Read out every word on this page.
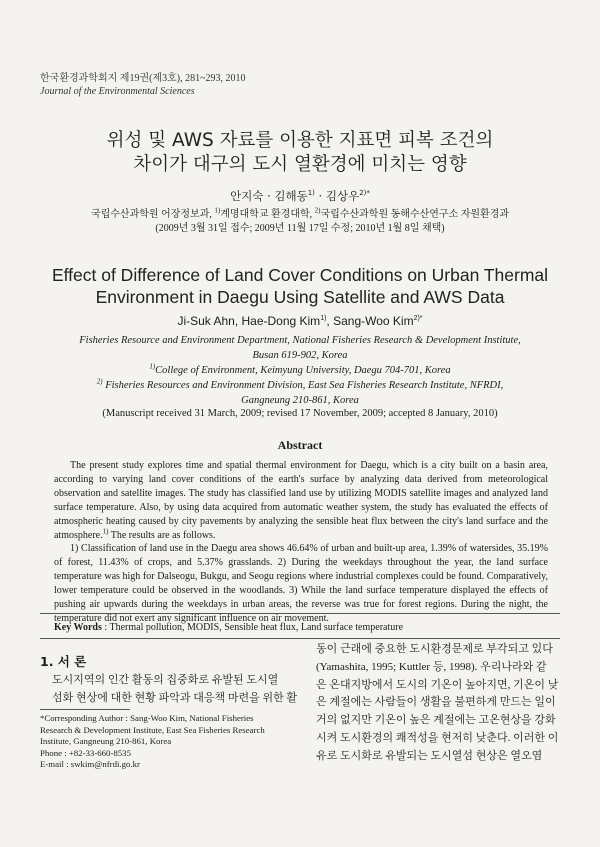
한국환경과학회지 제19권(제3호), 281~293, 2010
Journal of the Environmental Sciences
위성 및 AWS 자료를 이용한 지표면 피복 조건의
차이가 대구의 도시 열환경에 미치는 영향
안지숙 · 김해동$^{1)}$ · 김상우$^{2)*}$
국립수산과학원 어장정보과, $^{1)}$계명대학교 환경대학, $^{2)}$국립수산과학원 동해수산연구소 자원환경과
(2009년 3월 31일 접수; 2009년 11월 17일 수정; 2010년 1월 8일 채택)
Effect of Difference of Land Cover Conditions on Urban Thermal
Environment in Daegu Using Satellite and AWS Data
Ji-Suk Ahn, Hae-Dong Kim$^{1)}$, Sang-Woo Kim$^{2)*}$
Fisheries Resource and Environment Department, National Fisheries Research & Development Institute,
Busan 619-902, Korea
$^{1)}$College of Environment, Keimyung University, Daegu 704-701, Korea
$^{2)}$ Fisheries Resources and Environment Division, East Sea Fisheries Research Institute, NFRDI,
Gangneung 210-861, Korea
(Manuscript received 31 March, 2009; revised 17 November, 2009; accepted 8 January, 2010)
Abstract

The present study explores time and spatial thermal environment for Daegu, which is a city built on a basin area, according to varying land cover conditions of the earth's surface by analyzing data derived from meteorological observation and satellite images. The study has classified land use by utilizing MODIS satellite images and analyzed land surface temperature. Also, by using data acquired from automatic weather system, the study has evaluated the effects of atmospheric heating caused by city pavements by analyzing the sensible heat flux between the city's land surface and the atmosphere.$^{1)}$ The results are as follows.

1) Classification of land use in the Daegu area shows 46.64% of urban and built-up area, 1.39% of watersides, 35.19% of forest, 11.43% of crops, and 5.37% grasslands. 2) During the weekdays throughout the year, the land surface temperature was high for Dalseogu, Bukgu, and Seogu regions where industrial complexes could be found. Comparatively, lower temperature could be observed in the woodlands. 3) While the land surface temperature displayed the effects of pushing air upwards during the weekdays in urban areas, the reverse was true for forest regions. During the night, the temperature did not exert any significant influence on air movement.

Key Words : Thermal pollution, MODIS, Sensible heat flux, Land surface temperature
1. 서 론

도시지역의 인간 활동의 집중화로 유발된 도시열

섬화 현상에 대한 현황 파악과 대응책 마련을 위한 활

*Corresponding Author : Sang-Woo Kim, National Fisheries
Research & Development Institute, East Sea Fisheries Research
Institute, Gangneung 210-861, Korea
Phone : +82-33-660-8535
E-mail : swkim@nfrdi.go.kr

동이 근래에 중요한 도시환경문제로 부각되고 있다

(Yamashita, 1995; Kuttler 등, 1998). 우리나라와 같

은 온대지방에서 도시의 기온이 높아지면, 기온이 낮

은 계절에는 사람들이 생활을 불편하게 만드는 일이

거의 없지만 기온이 높은 계절에는 고온현상을 강화

시켜 도시환경의 쾌적성을 현저히 낮춘다. 이러한 이

유로 도시화로 유발되는 도시열섬 현상은 열오염
